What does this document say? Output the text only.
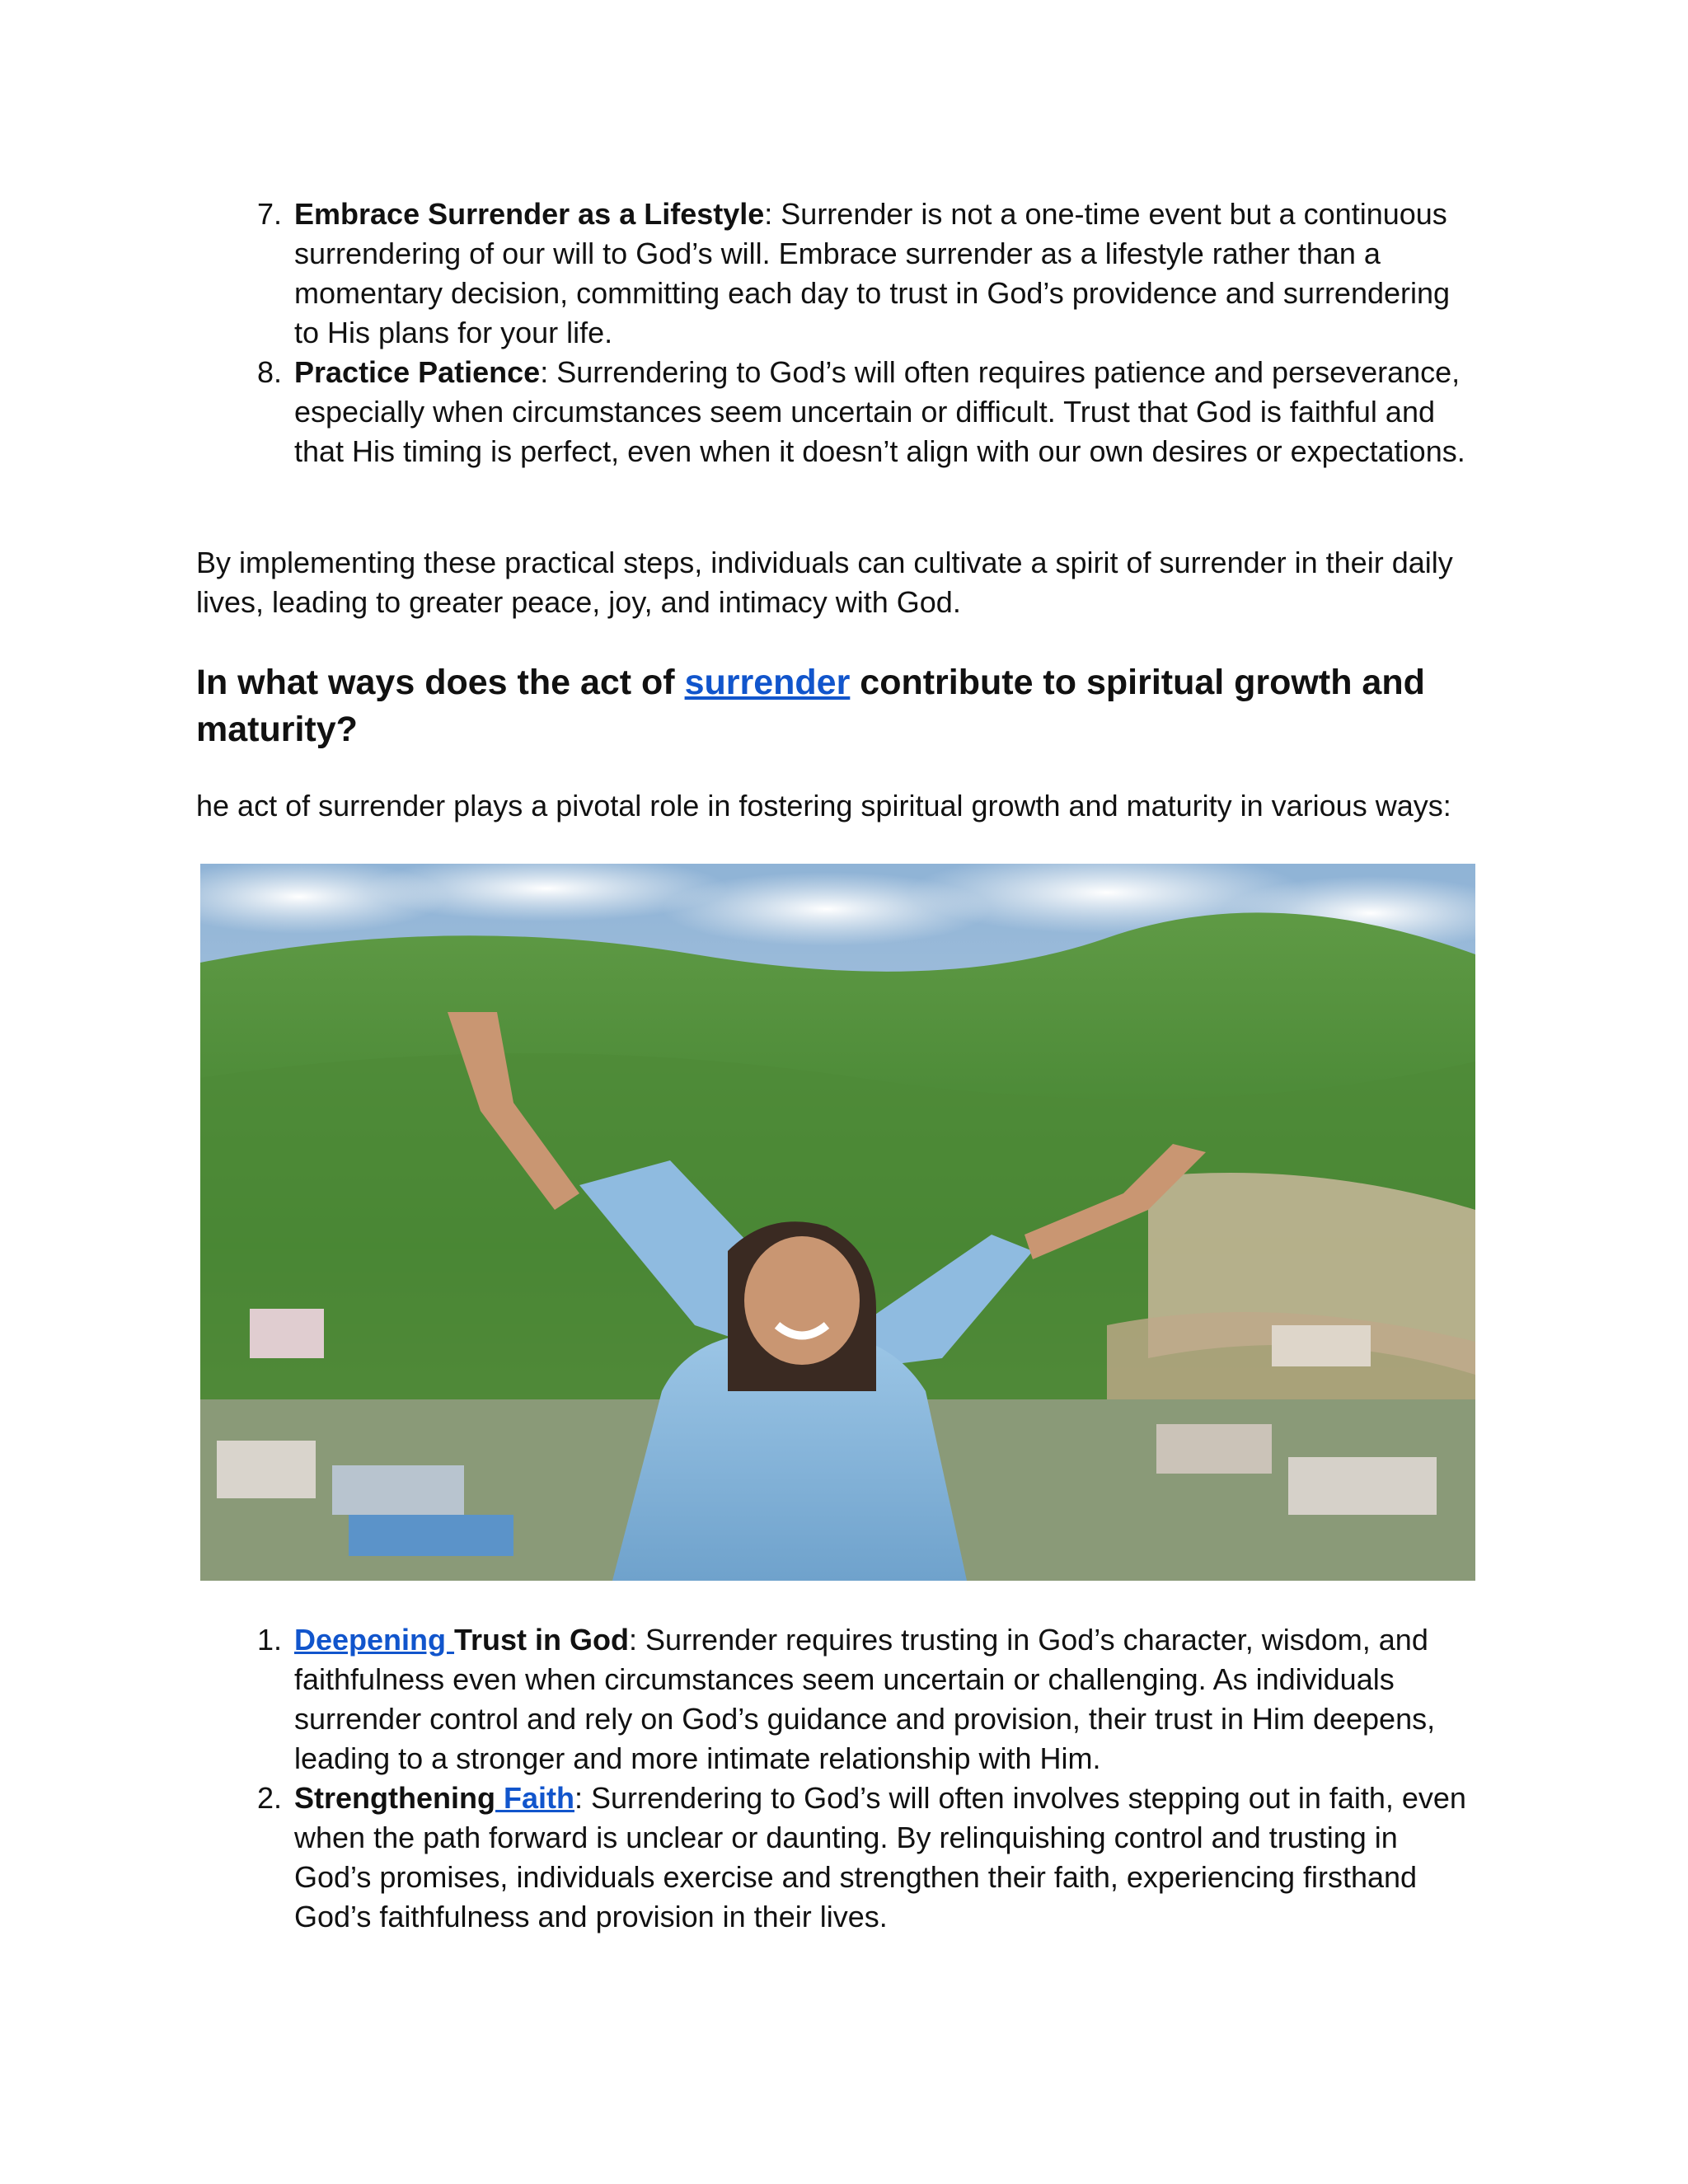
7. Embrace Surrender as a Lifestyle: Surrender is not a one-time event but a continuous surrendering of our will to God’s will. Embrace surrender as a lifestyle rather than a momentary decision, committing each day to trust in God’s providence and surrendering to His plans for your life.
8. Practice Patience: Surrendering to God’s will often requires patience and perseverance, especially when circumstances seem uncertain or difficult. Trust that God is faithful and that His timing is perfect, even when it doesn’t align with our own desires or expectations.
By implementing these practical steps, individuals can cultivate a spirit of surrender in their daily lives, leading to greater peace, joy, and intimacy with God.
In what ways does the act of surrender contribute to spiritual growth and maturity?
he act of surrender plays a pivotal role in fostering spiritual growth and maturity in various ways:
1. Deepening Trust in God: Surrender requires trusting in God’s character, wisdom, and faithfulness even when circumstances seem uncertain or challenging. As individuals surrender control and rely on God’s guidance and provision, their trust in Him deepens, leading to a stronger and more intimate relationship with Him.
2. Strengthening Faith: Surrendering to God’s will often involves stepping out in faith, even when the path forward is unclear or daunting. By relinquishing control and trusting in God’s promises, individuals exercise and strengthen their faith, experiencing firsthand God’s faithfulness and provision in their lives.
